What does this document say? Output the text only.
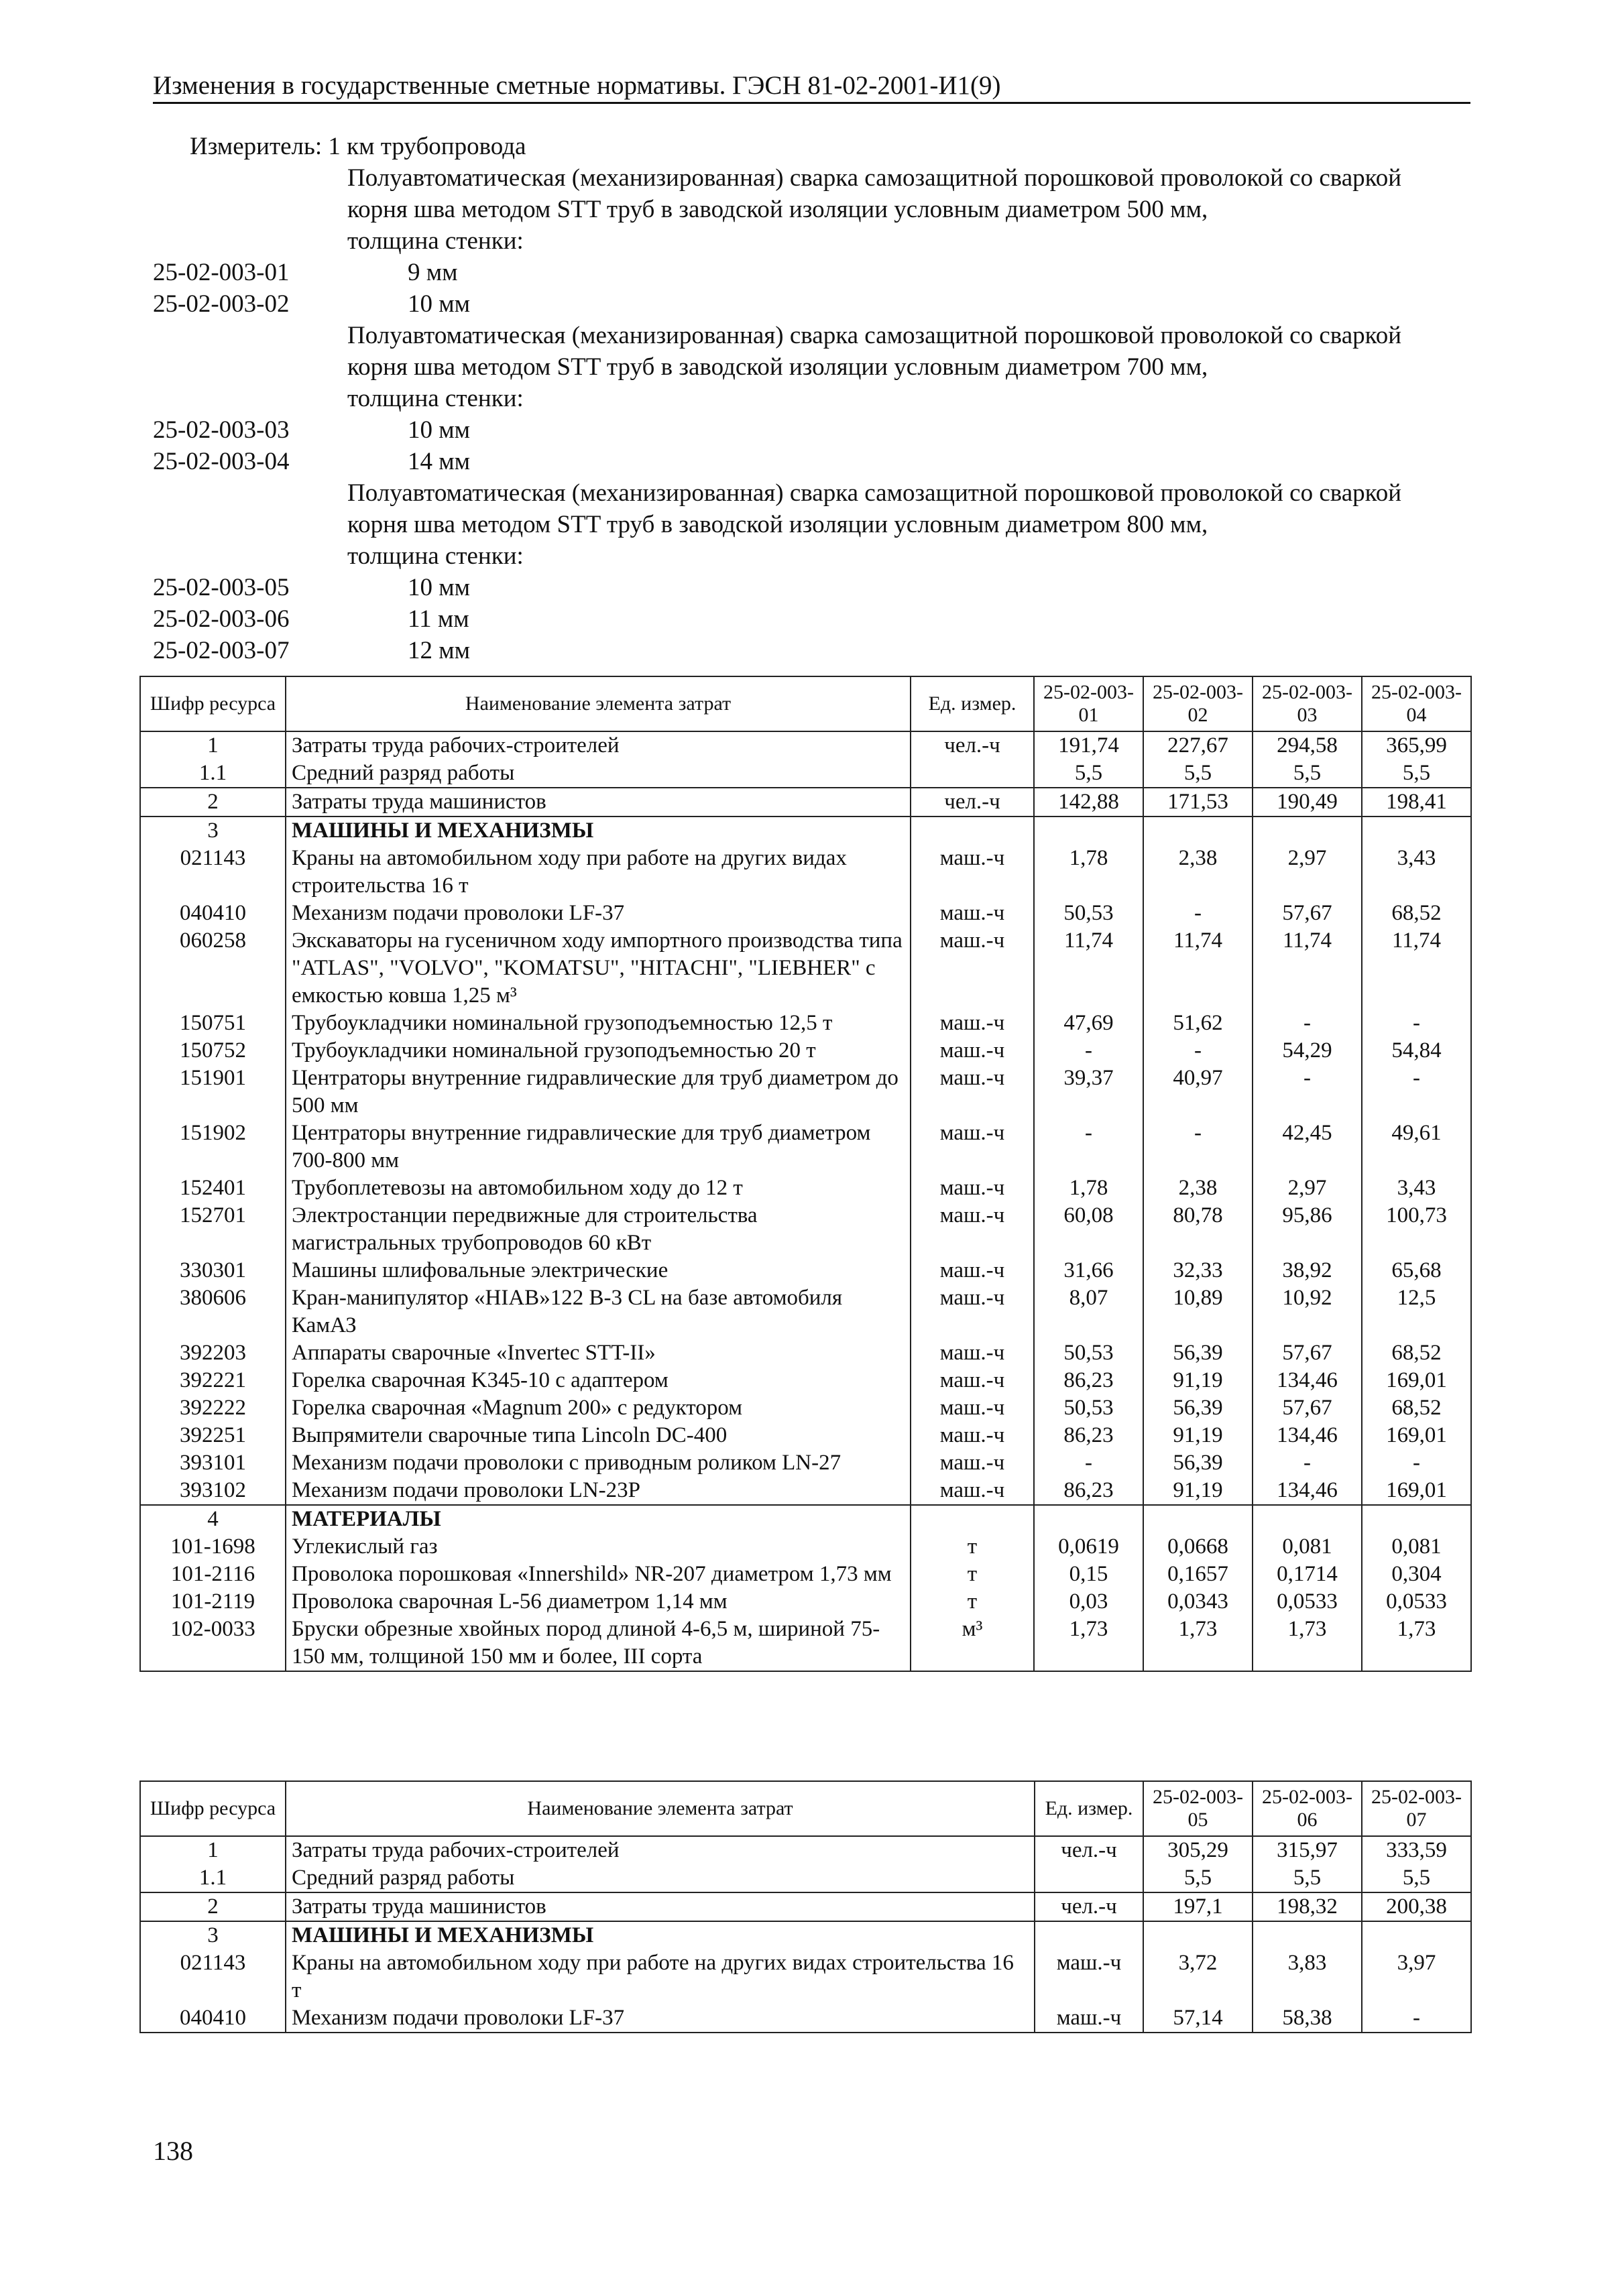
Изменения в государственные сметные нормативы. ГЭСН 81-02-2001-И1(9)
Измеритель: 1 км трубопровода
Полуавтоматическая (механизированная) сварка самозащитной порошковой проволокой со сваркой корня шва методом STT труб в заводской изоляции условным диаметром 500 мм,
толщина стенки:
25-02-003-01	9 мм
25-02-003-02	10 мм
Полуавтоматическая (механизированная) сварка самозащитной порошковой проволокой со сваркой корня шва методом STT труб в заводской изоляции условным диаметром 700 мм,
толщина стенки:
25-02-003-03	10 мм
25-02-003-04	14 мм
Полуавтоматическая (механизированная) сварка самозащитной порошковой проволокой со сваркой корня шва методом STT труб в заводской изоляции условным диаметром 800 мм,
толщина стенки:
25-02-003-05	10 мм
25-02-003-06	11 мм
25-02-003-07	12 мм
Шифр ресурса	Наименование элемента затрат	Ед. измер.	25-02-003-01	25-02-003-02	25-02-003-03	25-02-003-04
1	Затраты труда рабочих-строителей	чел.-ч	191,74	227,67	294,58	365,99
1.1	Средний разряд работы		5,5	5,5	5,5	5,5
2	Затраты труда машинистов	чел.-ч	142,88	171,53	190,49	198,41
3	МАШИНЫ И МЕХАНИЗМЫ					
021143	Краны на автомобильном ходу при работе на других видах строительства 16 т	маш.-ч	1,78	2,38	2,97	3,43
040410	Механизм подачи проволоки LF-37	маш.-ч	50,53	-	57,67	68,52
060258	Экскаваторы на гусеничном ходу импортного производства типа "ATLAS", "VOLVO", "KOMATSU", "HITACHI", "LIEBHER" с емкостью ковша 1,25 м³	маш.-ч	11,74	11,74	11,74	11,74
150751	Трубоукладчики номинальной грузоподъемностью 12,5 т	маш.-ч	47,69	51,62	-	-
150752	Трубоукладчики номинальной грузоподъемностью 20 т	маш.-ч	-	-	54,29	54,84
151901	Центраторы внутренние гидравлические для труб диаметром до 500 мм	маш.-ч	39,37	40,97	-	-
151902	Центраторы внутренние гидравлические для труб диаметром 700-800 мм	маш.-ч	-	-	42,45	49,61
152401	Трубоплетевозы на автомобильном ходу до 12 т	маш.-ч	1,78	2,38	2,97	3,43
152701	Электростанции передвижные для строительства магистральных трубопроводов 60 кВт	маш.-ч	60,08	80,78	95,86	100,73
330301	Машины шлифовальные электрические	маш.-ч	31,66	32,33	38,92	65,68
380606	Кран-манипулятор «HIAB»122 B-3 CL на базе автомобиля КамАЗ	маш.-ч	8,07	10,89	10,92	12,5
392203	Аппараты сварочные «Invertec STT-II»	маш.-ч	50,53	56,39	57,67	68,52
392221	Горелка сварочная K345-10 с адаптером	маш.-ч	86,23	91,19	134,46	169,01
392222	Горелка сварочная «Magnum 200» с редуктором	маш.-ч	50,53	56,39	57,67	68,52
392251	Выпрямители сварочные типа Lincoln DC-400	маш.-ч	86,23	91,19	134,46	169,01
393101	Механизм подачи проволоки с приводным роликом LN-27	маш.-ч	-	56,39	-	-
393102	Механизм подачи проволоки LN-23P	маш.-ч	86,23	91,19	134,46	169,01
4	МАТЕРИАЛЫ					
101-1698	Углекислый газ	т	0,0619	0,0668	0,081	0,081
101-2116	Проволока порошковая «Innershild» NR-207 диаметром 1,73 мм	т	0,15	0,1657	0,1714	0,304
101-2119	Проволока сварочная L-56 диаметром 1,14 мм	т	0,03	0,0343	0,0533	0,0533
102-0033	Бруски обрезные хвойных пород длиной 4-6,5 м, шириной 75-150 мм, толщиной 150 мм и более, III сорта	м³	1,73	1,73	1,73	1,73
Шифр ресурса	Наименование элемента затрат	Ед. измер.	25-02-003-05	25-02-003-06	25-02-003-07
1	Затраты труда рабочих-строителей	чел.-ч	305,29	315,97	333,59
1.1	Средний разряд работы		5,5	5,5	5,5
2	Затраты труда машинистов	чел.-ч	197,1	198,32	200,38
3	МАШИНЫ И МЕХАНИЗМЫ				
021143	Краны на автомобильном ходу при работе на других видах строительства 16 т	маш.-ч	3,72	3,83	3,97
040410	Механизм подачи проволоки LF-37	маш.-ч	57,14	58,38	-
138
